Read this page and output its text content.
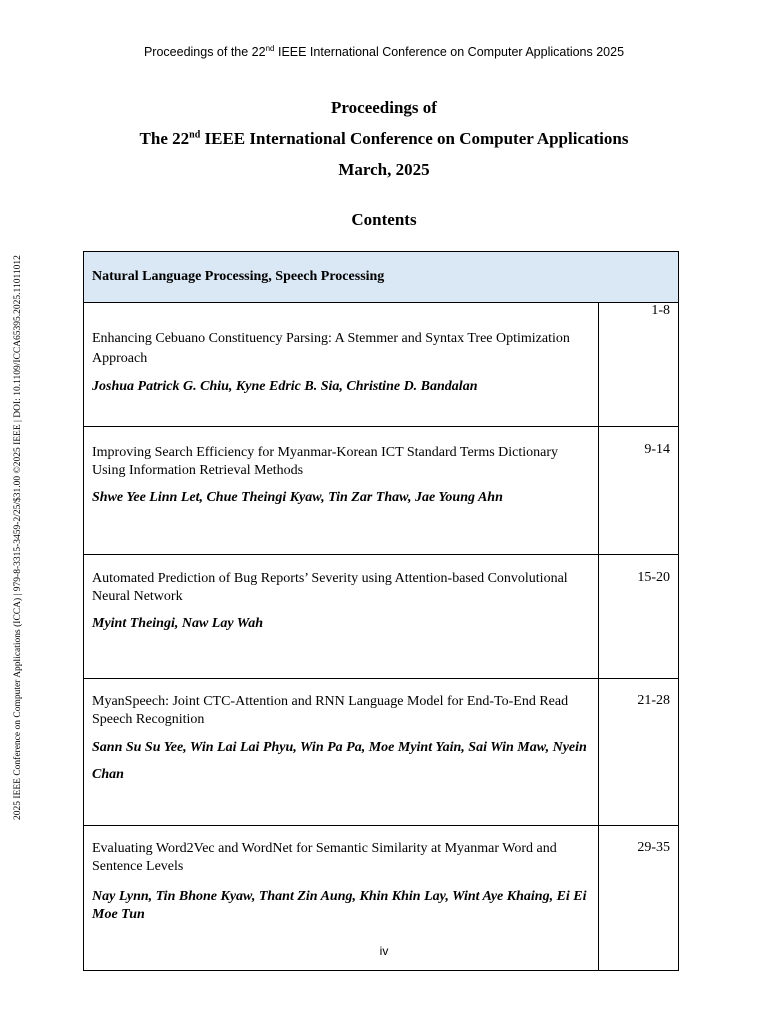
Proceedings of the 22nd IEEE International Conference on Computer Applications 2025
2025 IEEE Conference on Computer Applications (ICCA) | 979-8-3315-3459-2/25/$31.00 ©2025 IEEE | DOI: 10.1109/ICCA65395.2025.11011012
Proceedings of
The 22nd IEEE International Conference on Computer Applications
March, 2025
Contents
Natural Language Processing, Speech Processing	

Enhancing Cebuano Constituency Parsing: A Stemmer and Syntax Tree Optimization Approach
Joshua Patrick G. Chiu, Kyne Edric B. Sia, Christine D. Bandalan	1-8

Improving Search Efficiency for Myanmar-Korean ICT Standard Terms Dictionary Using Information Retrieval Methods
Shwe Yee Linn Let, Chue Theingi Kyaw, Tin Zar Thaw, Jae Young Ahn	9-14

Automated Prediction of Bug Reports’ Severity using Attention-based Convolutional Neural Network
Myint Theingi, Naw Lay Wah	15-20

MyanSpeech: Joint CTC-Attention and RNN Language Model for End-To-End Read Speech Recognition
Sann Su Su Yee, Win Lai Lai Phyu, Win Pa Pa, Moe Myint Yain, Sai Win Maw, Nyein Chan	21-28

Evaluating Word2Vec and WordNet for Semantic Similarity at Myanmar Word and Sentence Levels
Nay Lynn, Tin Bhone Kyaw, Thant Zin Aung, Khin Khin Lay, Wint Aye Khaing, Ei Ei Moe Tun	29-35
iv
